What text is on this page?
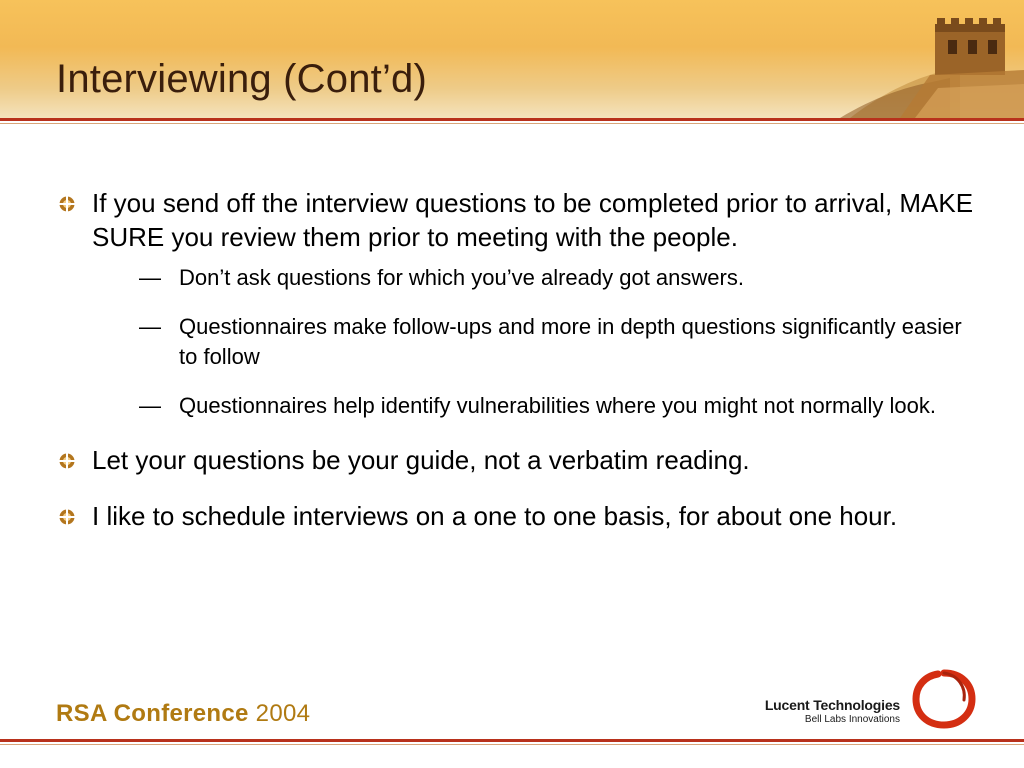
Interviewing (Cont’d)
If you send off the interview questions to be completed prior to arrival, MAKE SURE you review them prior to meeting with the people.
— Don’t ask questions for which you’ve already got answers.
— Questionnaires make follow-ups and more in depth questions significantly easier to follow
— Questionnaires help identify vulnerabilities where you might not normally look.
Let your questions be your guide, not a verbatim reading.
I like to schedule interviews on a one to one basis, for about one hour.
RSA Conference 2004	Lucent Technologies
Bell Labs Innovations
